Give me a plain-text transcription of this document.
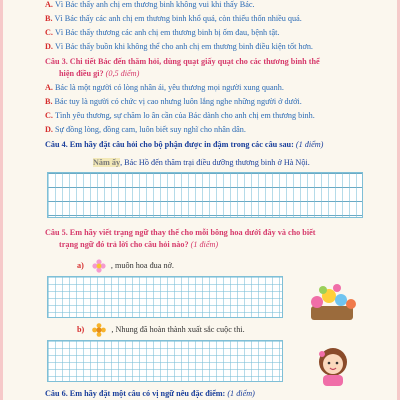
A. Vì Bác thấy anh chị em thương binh không vui khi thấy Bác.
B. Vì Bác thấy các anh chị em thương binh khổ quá, còn thiếu thốn nhiều quá.
C. Vì Bác thấy thương các anh chị em thương binh bị ốm đau, bệnh tật.
D. Vì Bác thấy buồn khi không thể cho anh chị em thương binh điều kiện tốt hơn.
Câu 3. Chi tiết Bác đến thăm hỏi, dùng quạt giấy quạt cho các thương binh thể
hiện điều gì? (0,5 điểm)
A. Bác là một người có lòng nhân ái, yêu thương mọi người xung quanh.
B. Bác tuy là người có chức vị cao nhưng luôn lắng nghe những người ở dưới.
C. Tình yêu thương, sự chăm lo ân cần của Bác dành cho anh chị em thương binh.
D. Sự đồng lòng, đồng cam, luôn biết suy nghĩ cho nhân dân.
Câu 4. Em hãy đặt câu hỏi cho bộ phận được in đậm trong các câu sau: (1 điểm)
Năm ấy, Bác Hồ đến thăm trại điều dưỡng thương binh ở Hà Nội.
Câu 5. Em hãy viết trạng ngữ thay thế cho mỗi bông hoa dưới đây và cho biết
trạng ngữ đó trả lời cho câu hỏi nào? (1 điểm)
a)	, muôn hoa đua nở.
b)	, Nhung đã hoàn thành xuất sắc cuộc thi.
Câu 6. Em hãy đặt một câu có vị ngữ nêu đặc điểm: (1 điểm)
